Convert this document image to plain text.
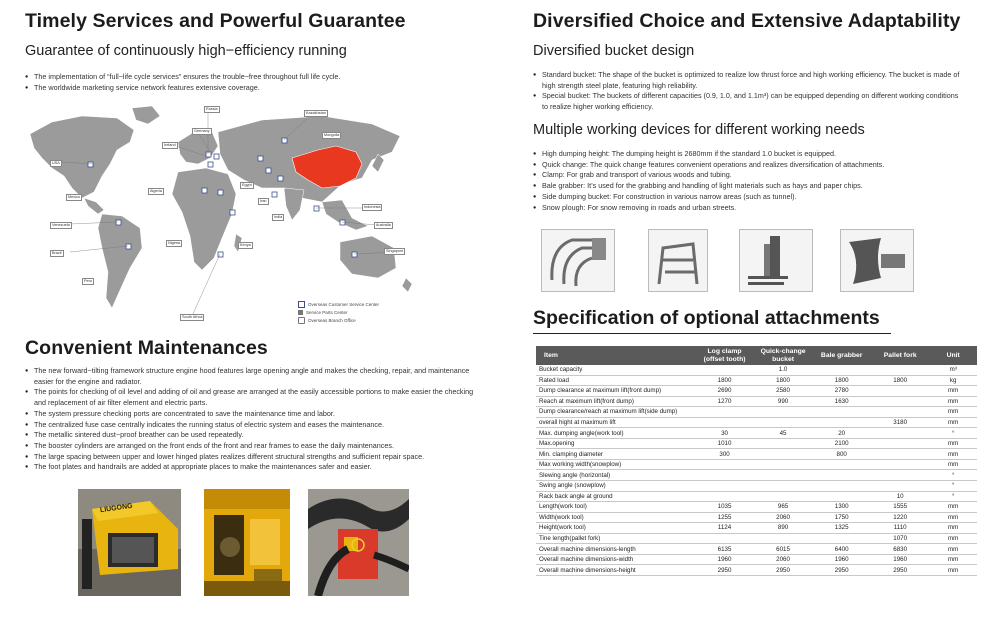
Timely Services and Powerful Guarantee
Guarantee of continuously high−efficiency running
● The implementation of “full−life cycle services” ensures the trouble−free throughout full life cycle.
● The worldwide marketing service network features extensive coverage.
Russia
Germany
Ireland
Kazakhstan
Mongolia
USA
Mexico
Venezuela
Algeria
Egypt
Iran
India
Indonesia
Brazil
Nigeria	Kenya
South Africa
Australia
Singapore
Peru
Overseas Customer Service Center
Service Parts Center
Overseas Branch Office
Convenient Maintenances
● The new forward−tilting framework structure engine hood features large opening angle and makes the checking, repair, and maintenance easier for the engine and radiator.
● The points for checking of oil level and adding of oil and grease are arranged at the easily accessible portions to make easier the checking and replacement of air filter element and electric parts.
● The system pressure checking ports are concentrated to save the maintenance time and labor.
● The centralized fuse case centrally indicates the running status of electric system and eases the maintenance.
● The metallic sintered dust−proof breather can be used repeatedly.
● The booster cylinders are arranged on the front ends of the front and rear frames to ease the daily maintenances.
● The large spacing between upper and lower hinged plates realizes different structural strengths and sufficient repair space.
● The foot plates and handrails are added at appropriate places to make the maintenances safer and easier.
LIUGONG
Diversified Choice and Extensive Adaptability
Diversified bucket design
● Standard bucket: The shape of the bucket is optimized to realize low thrust force and high working efficiency. The bucket is made of high strength steel plate, featuring high reliability.
● Special bucket: The buckets of different capacities (0.9, 1.0, and 1.1m³) can be equipped depending on different working conditions to realize higher working efficiency.
Multiple working devices for different working needs
● High dumping height: The dumping height is 2680mm if the standard 1.0 bucket is equipped.
● Quick change: The quick change features convenient operations and realizes diversification of attachments.
● Clamp: For grab and transport of various woods and tubing.
● Bale grabber: It’s used for the grabbing and handling of light materials such as hays and paper chips.
● Side dumping bucket: For construction in various narrow areas (such as tunnel).
● Snow plough: For snow removing in roads and urban streets.
Specification of optional attachments
Item	Log clamp (offset tooth)	Quick-change bucket	Bale grabber	Pallet fork	Unit
Bucket capacity		1.0			m³
Rated load	1800	1800	1800	1800	kg
Dump clearance at maximum lift(front dump)	2690	2580	2780		mm
Reach at maximum lift(front dump)	1270	990	1630		mm
Dump clearance/reach at maximum lift(side dump)					mm
overall hight at maximum lift				3180	mm
Max. dumping angle(work tool)	30	45	20		°
Max.opening	1010		2100		mm
Min. clamping diameter	300		800		mm
Max working width(snowplow)					mm
Slewing angle (horizontal)					°
Swing angle (snowplow)					°
Rack back angle at ground				10	°
Length(work tool)	1035	965	1300	1555	mm
Width(work tool)	1255	2060	1750	1220	mm
Height(work tool)	1124	890	1325	1110	mm
Tine length(pallet fork)				1070	mm
Overall machine dimensions-length	6135	6015	6400	6830	mm
Overall machine dimensions-width	1960	2060	1960	1960	mm
Overall machine dimensions-height	2950	2950	2950	2950	mm
